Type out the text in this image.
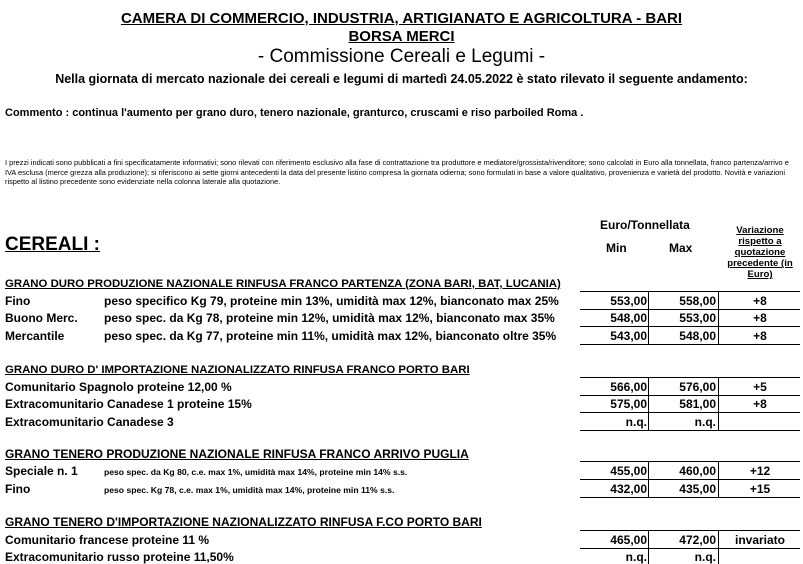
CAMERA DI COMMERCIO, INDUSTRIA, ARTIGIANATO E AGRICOLTURA - BARI
BORSA MERCI
- Commissione Cereali e Legumi -
Nella giornata di mercato nazionale dei cereali e legumi di martedì 24.05.2022 è stato rilevato il seguente andamento:
Commento : continua l'aumento per grano duro, tenero nazionale, granturco, cruscami e riso parboiled Roma .
I prezzi indicati sono pubblicati a fini specificatamente informativi; sono rilevati con riferimento esclusivo alla fase di contrattazione tra produttore e mediatore/grossista/rivenditore; sono calcolati in Euro alla tonnellata, franco partenza/arrivo e IVA esclusa (merce grezza alla produzione); si riferiscono ai sette giorni antecedenti la data del presente listino compresa la giornata odierna; sono formulati in base a valore qualitativo, provenienza e varietà del prodotto. Novità e variazioni rispetto al listino precedente sono evidenziate nella colonna laterale alla quotazione.
Euro/Tonnellata
Min	Max
Variazione rispetto a quotazione precedente (in Euro)
CEREALI :
GRANO DURO PRODUZIONE NAZIONALE RINFUSA FRANCO PARTENZA (ZONA BARI, BAT, LUCANIA)
Fino	peso specifico Kg 79, proteine min 13%, umidità max 12%, bianconato max 25%	553,00	558,00	+8
Buono Merc. peso spec. da Kg 78, proteine min 12%, umidità max 12%, bianconato max 35%	548,00	553,00	+8
Mercantile	peso spec. da Kg 77, proteine min 11%, umidità max 12%, bianconato oltre 35%	543,00	548,00	+8
GRANO DURO D' IMPORTAZIONE NAZIONALIZZATO RINFUSA FRANCO PORTO BARI
Comunitario Spagnolo proteine 12,00 %	566,00	576,00	+5
Extracomunitario Canadese 1 proteine 15%	575,00	581,00	+8
Extracomunitario Canadese 3	n.q.	n.q.
GRANO TENERO PRODUZIONE NAZIONALE RINFUSA FRANCO ARRIVO PUGLIA
Speciale n. 1	peso spec. da Kg 80, c.e. max 1%, umidità max 14%, proteine min 14% s.s.	455,00	460,00	+12
Fino	peso spec. Kg 78, c.e. max 1%, umidità max 14%, proteine min 11% s.s.	432,00	435,00	+15
GRANO TENERO D'IMPORTAZIONE NAZIONALIZZATO RINFUSA F.CO PORTO BARI
Comunitario francese proteine 11 %	465,00	472,00	invariato
Extracomunitario russo proteine 11,50%	n.q.	n.q.
